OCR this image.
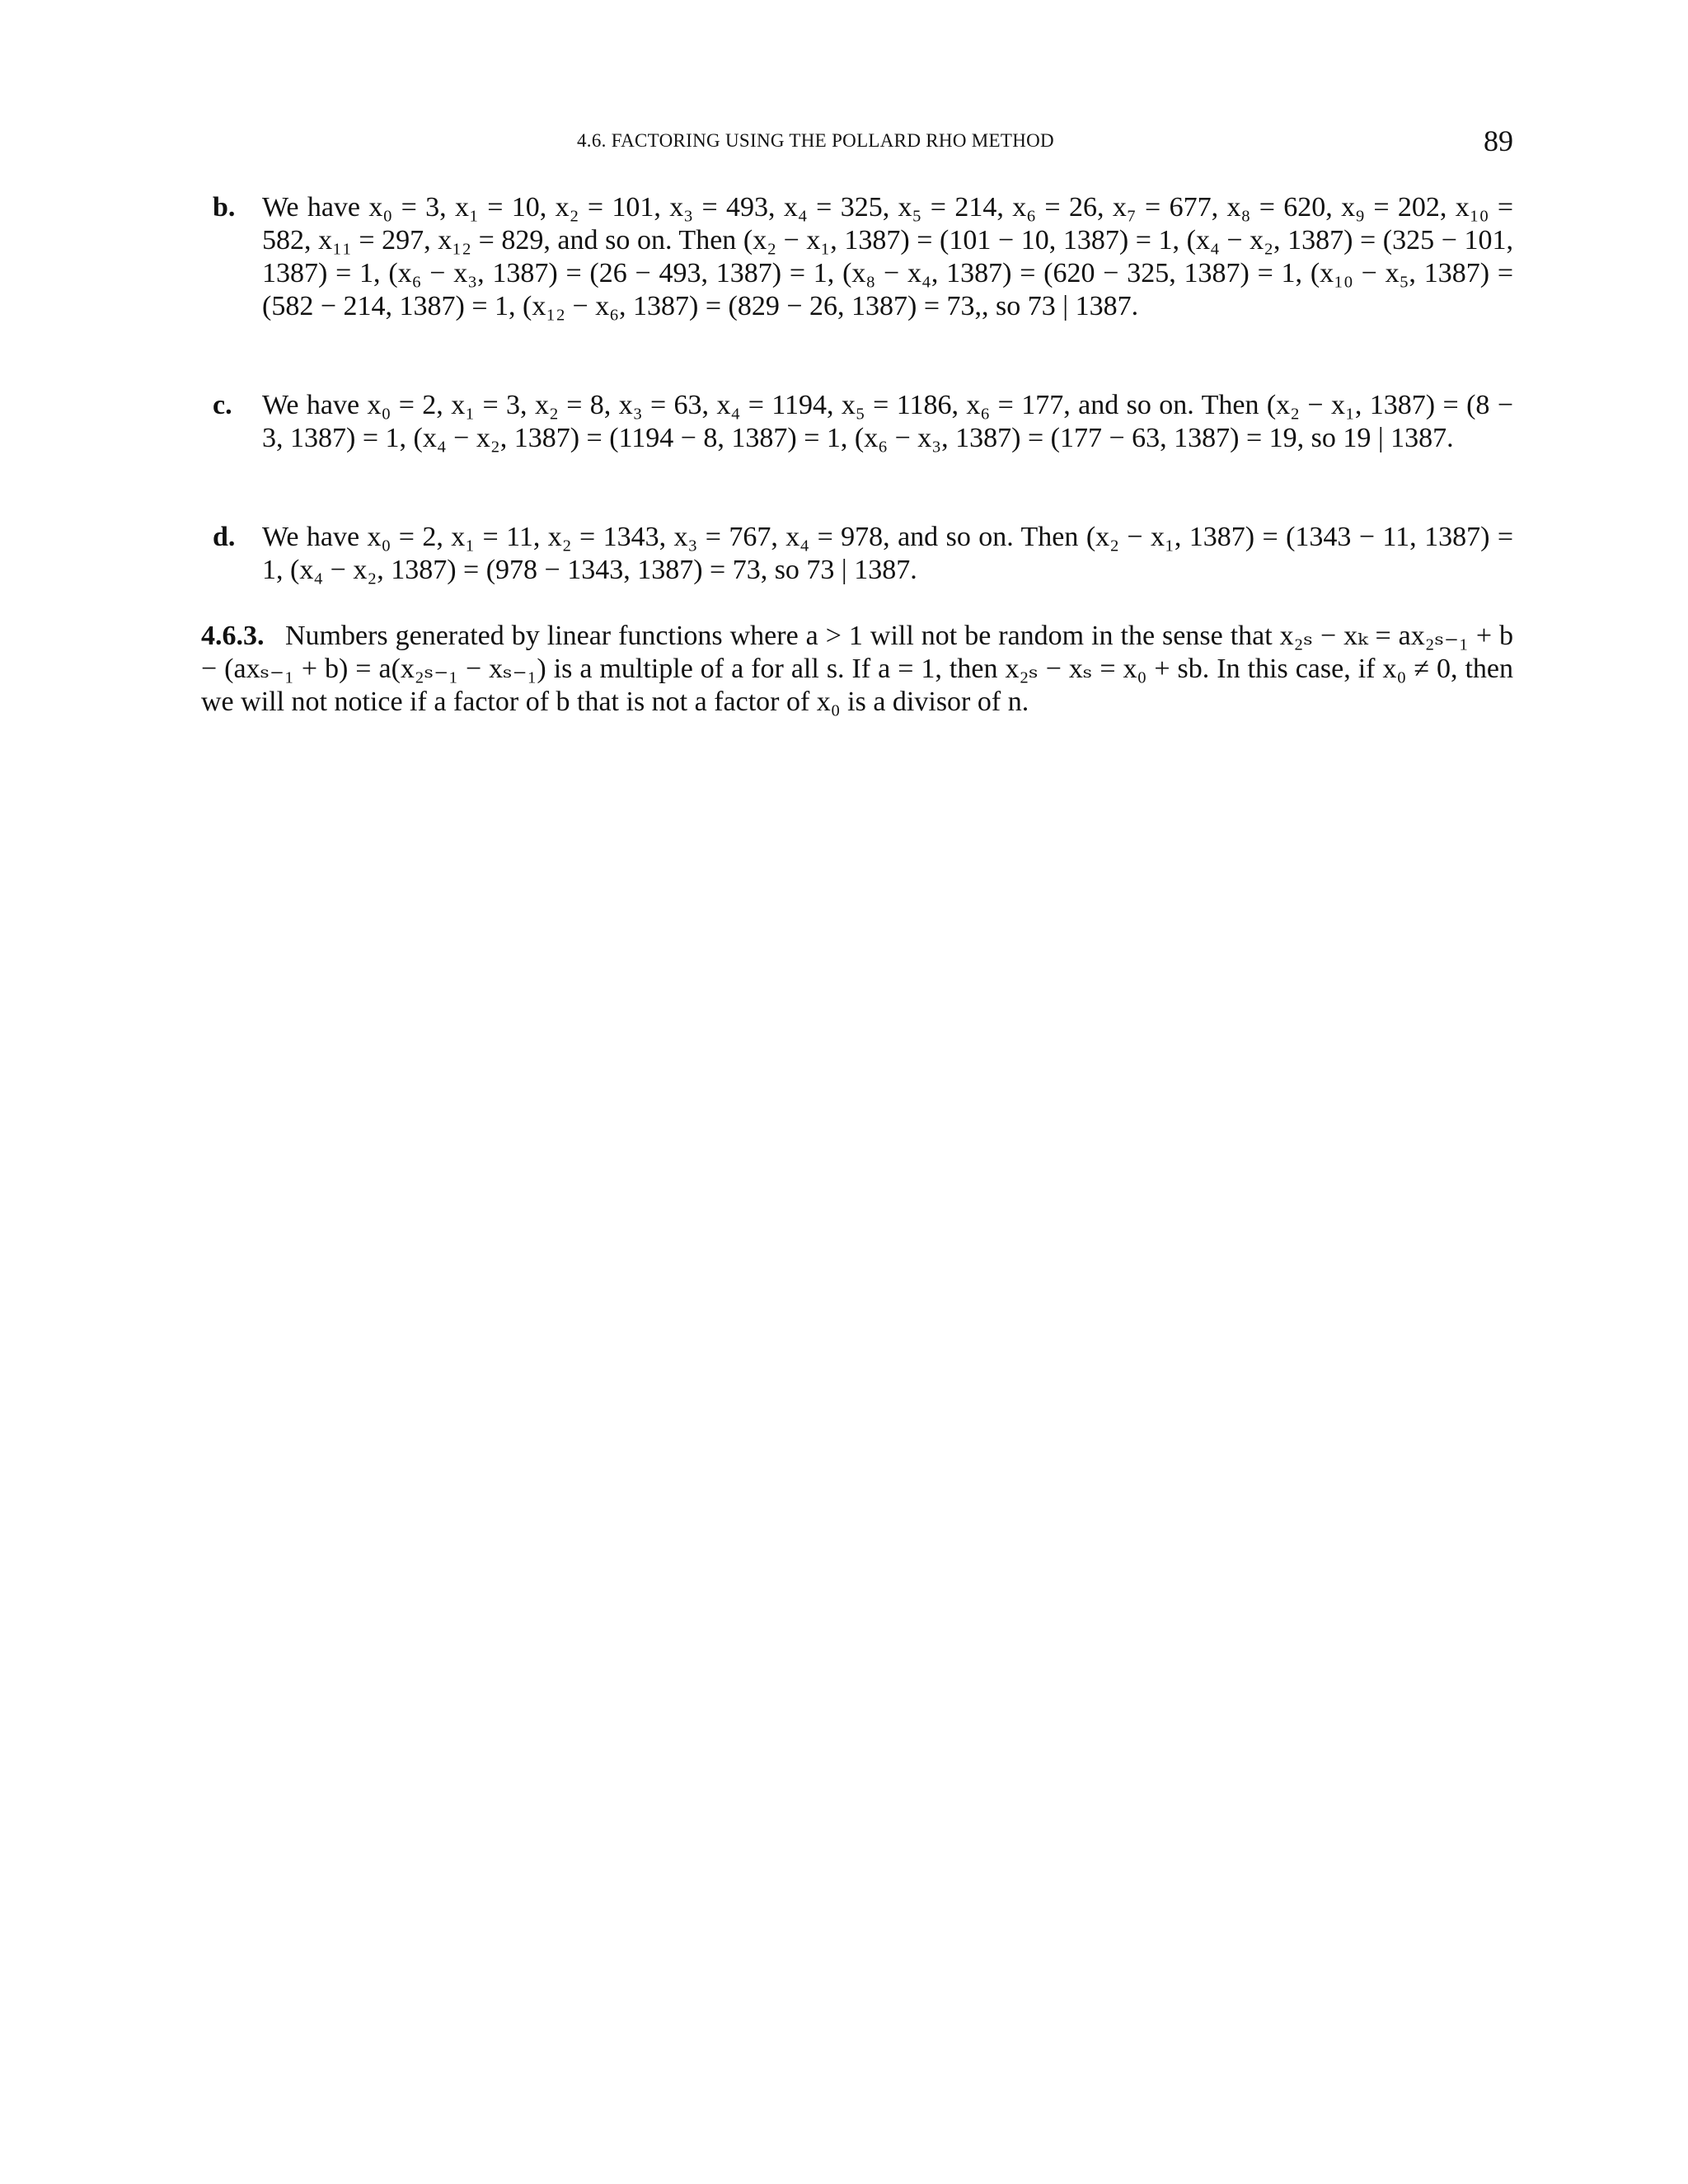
4.6. FACTORING USING THE POLLARD RHO METHOD	89
b. We have x₀ = 3, x₁ = 10, x₂ = 101, x₃ = 493, x₄ = 325, x₅ = 214, x₆ = 26, x₇ = 677, x₈ = 620, x₉ = 202, x₁₀ = 582, x₁₁ = 297, x₁₂ = 829, and so on. Then (x₂ − x₁, 1387) = (101 − 10, 1387) = 1, (x₄ − x₂, 1387) = (325 − 101, 1387) = 1, (x₆ − x₃, 1387) = (26 − 493, 1387) = 1, (x₈ − x₄, 1387) = (620 − 325, 1387) = 1, (x₁₀ − x₅, 1387) = (582 − 214, 1387) = 1, (x₁₂ − x₆, 1387) = (829 − 26, 1387) = 73,, so 73 | 1387.
c. We have x₀ = 2, x₁ = 3, x₂ = 8, x₃ = 63, x₄ = 1194, x₅ = 1186, x₆ = 177, and so on. Then (x₂ − x₁, 1387) = (8 − 3, 1387) = 1, (x₄ − x₂, 1387) = (1194 − 8, 1387) = 1, (x₆ − x₃, 1387) = (177 − 63, 1387) = 19, so 19 | 1387.
d. We have x₀ = 2, x₁ = 11, x₂ = 1343, x₃ = 767, x₄ = 978, and so on. Then (x₂ − x₁, 1387) = (1343 − 11, 1387) = 1, (x₄ − x₂, 1387) = (978 − 1343, 1387) = 73, so 73 | 1387.
4.6.3. Numbers generated by linear functions where a > 1 will not be random in the sense that x₂ₛ − xₖ = ax₂ₛ₋₁ + b − (axₛ₋₁ + b) = a(x₂ₛ₋₁ − xₛ₋₁) is a multiple of a for all s. If a = 1, then x₂ₛ − xₛ = x₀ + sb. In this case, if x₀ ≠ 0, then we will not notice if a factor of b that is not a factor of x₀ is a divisor of n.
